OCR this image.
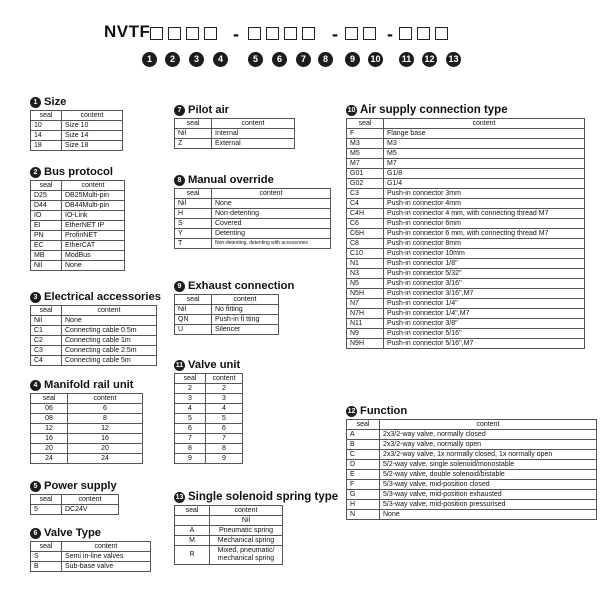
NVTF	-	-	-
1	2	3	4	5	6	7	8	9	10	11	12 13
1 Size
seal	content
10	Size 10
14	Size 14
18	Size 18
2 Bus protocol
seal	content
D25	DB25Multi-pin
D44	DB44Multi-pin
IO	IO-Link
EI	EtherNET IP
PN	ProfinNET
EC	EtherCAT
MB	ModBus
Nil	None
3 Electrical accessories
seal	content
Nil	None
C1	Connecting cable 0.5m
C2	Connecting cable 1m
C3	Connecting cable 2.5m
C4	Connecting cable 5m
4 Manifold rail unit
seal	content
06	6
08	8
12	12
16	16
20	20
24	24
5 Power supply
seal	content
5	DC24V
6 Valve Type
seal	content
S	Semi in-line valves
B	Sub-base valve
7 Pilot air
seal	content
Nil	Internal
Z	External
8 Manual override
seal	content
Nil	None
H	Non-detenting
S	Covered
Y	Detenting
T	Non-detenting, detenting with accessories
9 Exhaust connection
seal	content
Nil	No fitting
QN	Push-in fi tting
U	Silencer
11 Valve unit
seal	content
2	2
3	3
4	4
5	5
6	6
7	7
8	8
9	9
13 Single solenoid spring type
seal	content
	Nil
A	Pneumatic spring
M	Mechanical spring
R	Mixed, pneumatic/ mechanical spring
10 Air supply connection type
seal	content
F	Flange base
M3	M3
M5	M5
M7	M7
G01	G1/8
G02	G1/4
C3	Push-in connector 3mm
C4	Push-in connector 4mm
C4H	Push-in connector 4 mm, with connecting thread M7
C6	Push-in connector 6mm
C6H	Push-in connector 6 mm, with connecting thread M7
C8	Push-in connector 8mm
C10	Push-in connector 10mm
N1	Push-in connector 1/8''
N3	Push-in connector 5/32''
N5	Push-in connector 3/16''
N5H	Push-in connector 3/16'',M7
N7	Push-in connector 1/4''
N7H	Push-in connector 1/4'',M7
N11	Push-in connector 3/8''
N9	Push-in connector 5/16''
N9H	Push-in connector 5/16'',M7
12 Function
seal	content
A	2x3/2-way valve, normally closed
B	2x3/2-way valve, normally open
C	2x3/2-way valve, 1x normally closed, 1x normally open
D	5/2-way valve, single solenoid/monostable
E	5/2-way valve, double solenoid/bistable
F	5/3-way valve, mid-position closed
G	5/3-way valve, mid-position exhausted
H	5/3-way valve, mid-position pressurised
N	None
